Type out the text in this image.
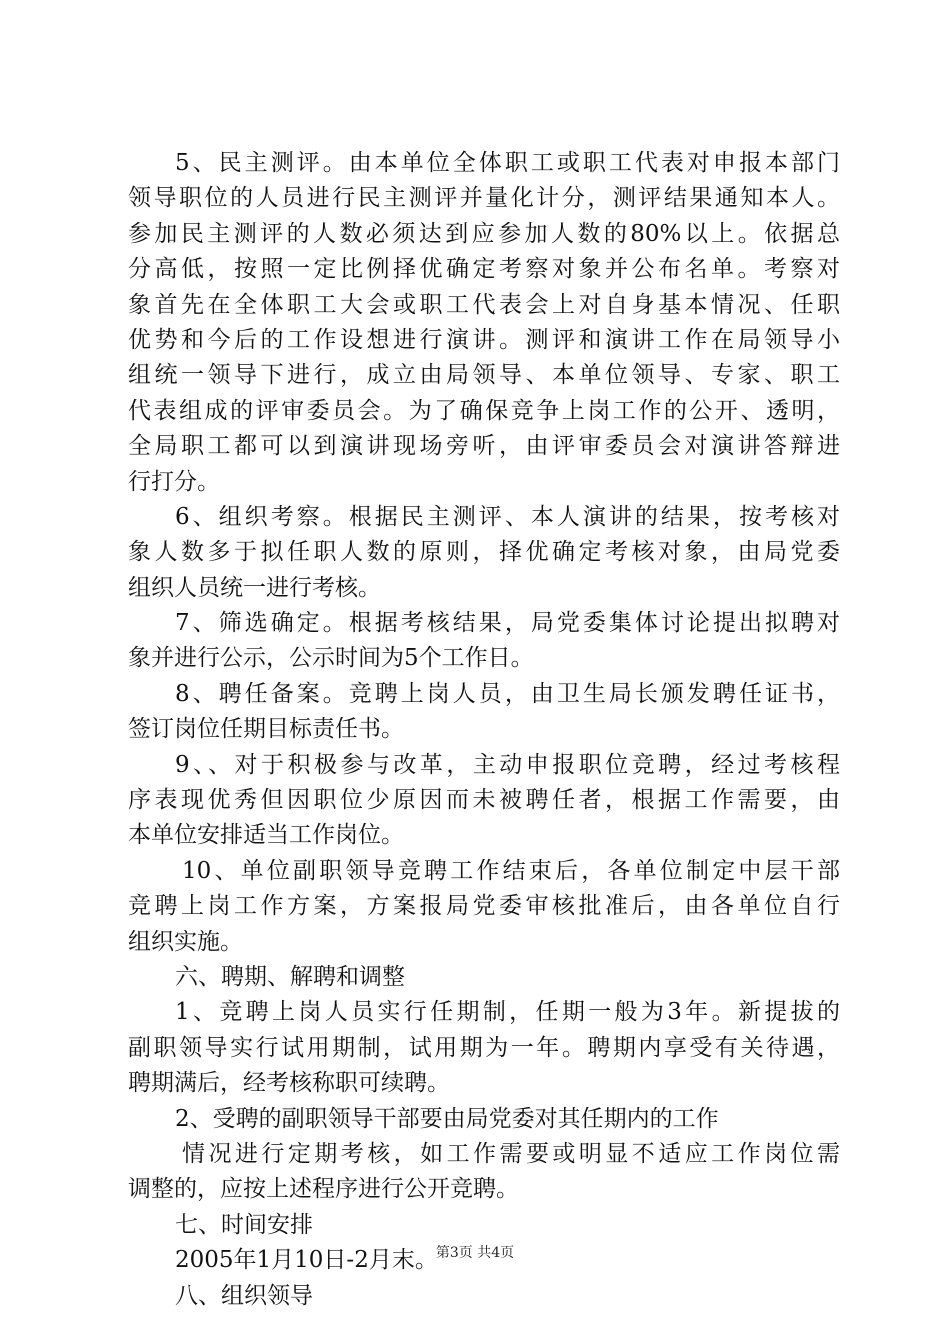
5、民主测评。由本单位全体职工或职工代表对申报本部门
领导职位的人员进行民主测评并量化计分，测评结果通知本人。
参加民主测评的人数必须达到应参加人数的80%以上。依据总
分高低，按照一定比例择优确定考察对象并公布名单。考察对
象首先在全体职工大会或职工代表会上对自身基本情况、任职
优势和今后的工作设想进行演讲。测评和演讲工作在局领导小
组统一领导下进行，成立由局领导、本单位领导、专家、职工
代表组成的评审委员会。为了确保竞争上岗工作的公开、透明，
全局职工都可以到演讲现场旁听，由评审委员会对演讲答辩进
行打分。
6、组织考察。根据民主测评、本人演讲的结果，按考核对
象人数多于拟任职人数的原则，择优确定考核对象，由局党委
组织人员统一进行考核。
7、筛选确定。根据考核结果，局党委集体讨论提出拟聘对
象并进行公示，公示时间为5个工作日。
8、聘任备案。竞聘上岗人员，由卫生局长颁发聘任证书，
签订岗位任期目标责任书。
9、、对于积极参与改革，主动申报职位竞聘，经过考核程
序表现优秀但因职位少原因而未被聘任者，根据工作需要，由
本单位安排适当工作岗位。
10、单位副职领导竞聘工作结束后，各单位制定中层干部
竞聘上岗工作方案，方案报局党委审核批准后，由各单位自行
组织实施。
六、聘期、解聘和调整
1、竞聘上岗人员实行任期制，任期一般为3年。新提拔的
副职领导实行试用期制，试用期为一年。聘期内享受有关待遇，
聘期满后，经考核称职可续聘。
2、受聘的副职领导干部要由局党委对其任期内的工作
情况进行定期考核，如工作需要或明显不适应工作岗位需
调整的，应按上述程序进行公开竞聘。
七、时间安排
2005年1月10日-2月末。
八、组织领导
第3页 共4页
